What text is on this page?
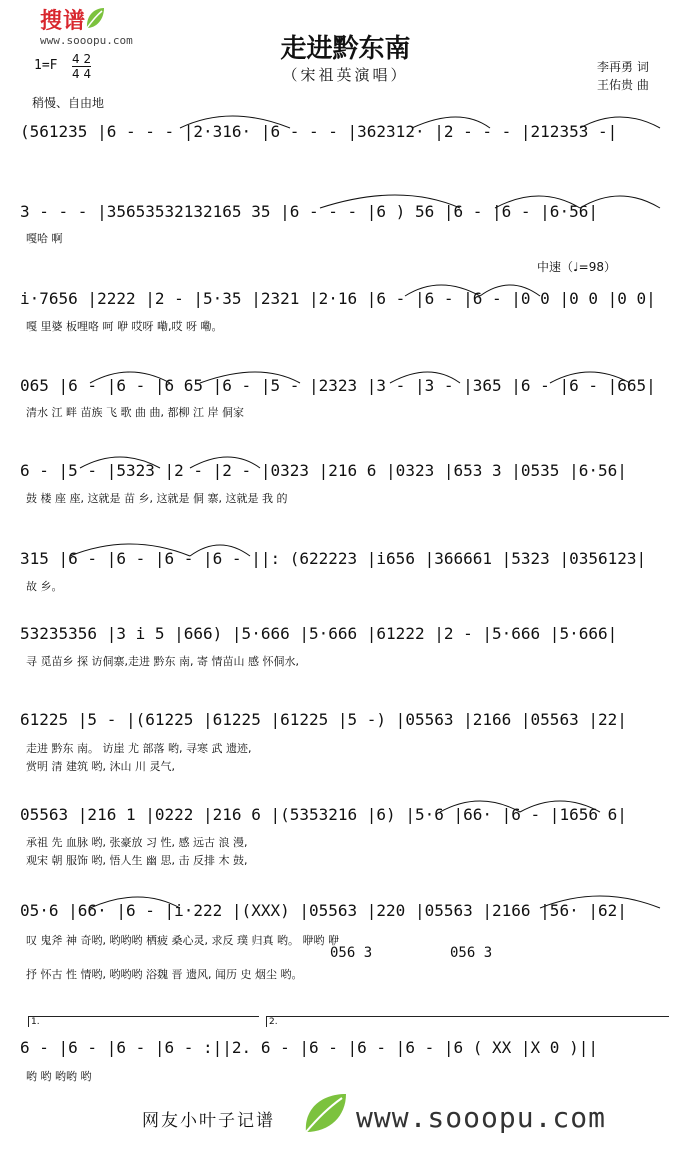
搜谱
www.sooopu.com	走进黔东南
（宋祖英演唱）	李再勇 词
王佑贵 曲
1=F 4 2
4 4
稍慢、自由地
中速（♩=98）
(561235 |6 - - - |2·316· |6 - - - |362312· |2 - - - |212353 -|
3 - - - |35653532132165 35 |6 - - - |6 ) 56 |6 - |6 - |6·56|
嘎哈 啊
i·7656 |2222 |2 - |5·35 |2321 |2·16 |6 - |6 - |6 - |0 0 |0 0 |0 0|
嘎 里婆 板哩咯 呵 咿 哎呀 嘞,哎 呀 嘞。
065 |6 - |6 - |6 65 |6 - |5 - |2323 |3 - |3 - |365 |6 - |6 - |665|
清水 江 畔 苗族 飞 歌 曲 曲, 都柳 江 岸 侗家
6 - |5 - |5323 |2 - |2 - |0323 |216 6 |0323 |653 3 |0535 |6·56|
鼓 楼 座 座, 这就是 苗 乡, 这就是 侗 寨, 这就是 我 的
315 |6 - |6 - |6 - |6 - ||: (622223 |i656 |366661 |5323 |0356123|
故 乡。
53235356 |3 i 5 |666) |5·666 |5·666 |61222 |2 - |5·666 |5·666|
寻 觅苗乡 探 访侗寨,走进 黔东 南, 寄 情苗山 感 怀侗水,
61225 |5 - |(61225 |61225 |61225 |5 -) |05563 |2166 |05563 |22|
走进 黔东 南。 访崖 尤 部落 哟, 寻寒 武 遗迹,
赏明 清 建筑 哟, 沐山 川 灵气,
05563 |216 1 |0222 |216 6 |(5353216 |6) |5·6 |66· |6 - |1656 6|
承祖 先 血脉 哟, 张豪放 习 性, 感 远古 浪 漫,
观宋 朝 服饰 哟, 悟人生 幽 思, 击 反排 木 鼓,
05·6 |66· |6 - |i·222 |(XXX) |05563 |220 |05563 |2166 |56· |62|
056 3	056 3
叹 鬼斧 神 奇哟, 哟哟哟 栖疲 桑心灵, 求反 璞 归真 哟。 咿哟 咿
抒 怀古 性 情哟, 哟哟哟 浴魏 晋 遗风, 闻历 史 烟尘 哟。
1.	2.
6 - |6 - |6 - |6 - :||2. 6 - |6 - |6 - |6 - |6 ( XX |X 0 )||
哟 哟 哟哟 哟
网友小叶子记谱	www.sooopu.com
